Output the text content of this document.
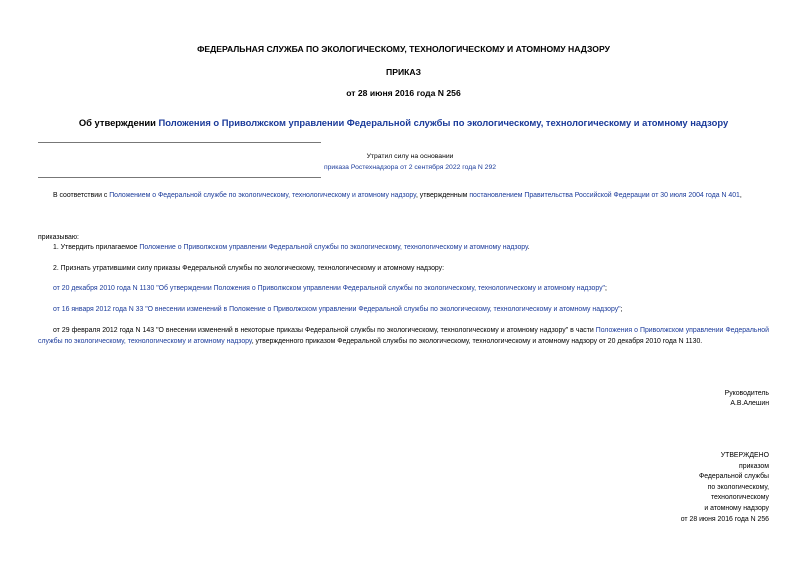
ФЕДЕРАЛЬНАЯ СЛУЖБА ПО ЭКОЛОГИЧЕСКОМУ, ТЕХНОЛОГИЧЕСКОМУ И АТОМНОМУ НАДЗОРУ
ПРИКАЗ
от 28 июня 2016 года N 256
Об утверждении Положения о Приволжском управлении Федеральной службы по экологическому, технологическому и атомному надзору
Утратил силу на основании
приказа Ростехнадзора от 2 сентября 2022 года N 292
В соответствии с Положением о Федеральной службе по экологическому, технологическому и атомному надзору, утвержденным постановлением Правительства Российской Федерации от 30 июля 2004 года N 401,
приказываю:
1. Утвердить прилагаемое Положение о Приволжском управлении Федеральной службы по экологическому, технологическому и атомному надзору.
2. Признать утратившими силу приказы Федеральной службы по экологическому, технологическому и атомному надзору:
от 20 декабря 2010 года N 1130 "Об утверждении Положения о Приволжском управлении Федеральной службы по экологическому, технологическому и атомному надзору";
от 16 января 2012 года N 33 "О внесении изменений в Положение о Приволжском управлении Федеральной службы по экологическому, технологическому и атомному надзору";
от 29 февраля 2012 года N 143 "О внесении изменений в некоторые приказы Федеральной службы по экологическому, технологическому и атомному надзору" в части Положения о Приволжском управлении Федеральной службы по экологическому, технологическому и атомному надзору, утвержденного приказом Федеральной службы по экологическому, технологическому и атомному надзору от 20 декабря 2010 года N 1130.
Руководитель
А.В.Алешин
УТВЕРЖДЕНО
приказом
Федеральной службы
по экологическому,
технологическому
и атомному надзору
от 28 июня 2016 года N 256
